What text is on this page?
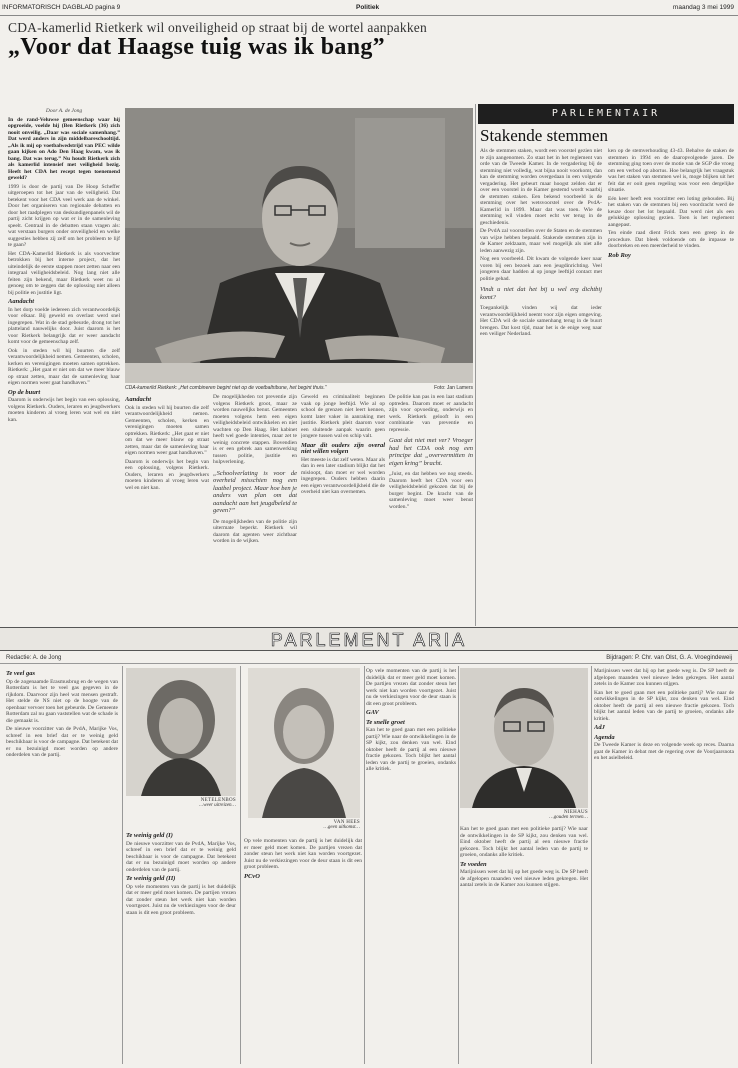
INFORMATORISCH DAGBLAD pagina 9	Politiek	maandag 3 mei 1999
CDA-kamerlid Rietkerk wil onveiligheid op straat bij de wortel aanpakken
„Voor dat Haagse tuig was ik bang”
Door A. de Jong

In de rand-Veluwse gemeenschap waar hij opgroeide, voelde hij (Ben Rietkerk (36) zich nooit onveilig. „Daar was sociale samenhang.” Dat werd anders in zijn middelbareschooltijd. „Als ik mij op voetbalwedstrijd van PEC wilde gaan kijken on Ado Den Haag kwam, was ik bang. Dat was terug.” Nu houdt Rietkerk zich als kamerlid intensief met veiligheid bezig. Heeft het CDA het recept tegen toenemend geweld?

1999 is door de partij van De Hoop Scheffer uitgeroepen tot het jaar van de veiligheid. Dat betekent voor het CDA veel werk aan de winkel. Door het organiseren van regionale debatten en door het raadplegen van deskundigenpanels wil de partij zicht krijgen op wat er in de samenleving speelt. Centraal in de debatten staan vragen als: wat verstaan burgers onder onveiligheid en welke suggesties hebben zij zelf om het probleem te lijf te gaan?

Het CDA-Kamerlid Rietkerk is als voorvechter betrokken bij het interne project, dat het uiteindelijk de eerste stappen moet zetten naar een integraal veiligheidsbeleid. Nog lang niet alle feiten zijn bekend, maar Rietkerk weet nu al genoeg om te zeggen dat de oplossing niet alleen bij politie en justitie ligt.

Aandacht

In het dorp voelde iedereen zich verantwoordelijk voor elkaar. Bij geweld en overlast werd snel ingegrepen. Wat in de stad gebeurde, drong tot het platteland nauwelijks door. Juist daarom is het voor Rietkerk belangrijk dat er weer aandacht komt voor de gemeenschap zelf.

Ook in steden wil hij buurten die zelf verantwoordelijkheid nemen. Gemeenten, scholen, kerken en verenigingen moeten samen optrekken. Rietkerk: „Het gaat er niet om dat we meer blauw op straat zetten, maar dat de samenleving haar eigen normen weer gaat handhaven.”

Op de buurt

Daarom is onderwijs het begin van een oplossing, volgens Rietkerk. Ouders, leraren en jeugdwerkers moeten kinderen al vroeg leren wat wel en niet kan.

CDA-kamerlid Rietkerk: „Het combineren begint niet op de voetbaltribune, het begint thuis.”	Foto: Jan Lamers
Aandacht

Ook in steden wil hij buurten die zelf verantwoordelijkheid nemen. Gemeenten, scholen, kerken en verenigingen moeten samen optrekken. Rietkerk: „Het gaat er niet om dat we meer blauw op straat zetten, maar dat de samenleving haar eigen normen weer gaat handhaven.”

Daarom is onderwijs het begin van een oplossing, volgens Rietkerk. Ouders, leraren en jeugdwerkers moeten kinderen al vroeg leren wat wel en niet kan.

De mogelijkheden tot preventie zijn volgens Rietkerk groot, maar ze worden nauwelijks benut. Gemeenten moeten volgens hem een eigen veiligheidsbeleid ontwikkelen en niet wachten op Den Haag. Het kabinet heeft wel goede intenties, maar zet te weinig concrete stappen. Bovendien is er een gebrek aan samenwerking tussen politie, justitie en hulpverlening.

„Schoolverlating is voor de overheid misschien nog een laatbel project. Maar hoe ben je anders van plan om dat aandacht aan het jeugdbeleid te geven?”

De mogelijkheden van de politie zijn uitermate beperkt. Rietkerk wil daarom dat agenten weer zichtbaar worden in de wijken.

Geweld en criminaliteit beginnen vaak op jonge leeftijd. Wie al op school de grenzen niet leert kennen, komt later vaker in aanraking met justitie. Rietkerk pleit daarom voor een sluitende aanpak waarin geen jongere tussen wal en schip valt.

Maar dit ouders zijn overal niet willen volgen

Het meeste is dat zelf weten. Maar als dan in een later stadium blijkt dat het misloopt, dan moet er wel worden ingegrepen. Ouders hebben daarin een eigen verantwoordelijkheid die de overheid niet kan overnemen.

De politie kan pas in een laat stadium optreden. Daarom moet er aandacht zijn voor opvoeding, onderwijs en werk. Rietkerk gelooft in een combinatie van preventie en repressie.

Gaat dat niet met ver? Vroeger had het CDA ook nog een principe dat „oververmitten in eigen kring” bracht.

„Juist, en dat hebben we nog steeds. Daarom heeft het CDA voor een veiligheidsbeleid gekozen dat bij de burger begint. De kracht van de samenleving moet weer benut worden.”

PARLEMENTAIR
Stakende stemmen

Als de stemmen staken, wordt een voorstel gezien niet te zijn aangenomen. Zo staat het in het reglement van orde van de Tweede Kamer. In de vergadering bij de stemming niet volledig, wat bijna nooit voorkomt, dan kan de stemming worden overgedaan in een volgende vergadering. Het gebeurt maar hoogst zelden dat er over een voorstel in de Kamer gestemd wordt waarbij de stemmen staken. Een bekend voorbeeld is de stemming over het wetsvoorstel over de PvdA-Kamerlid in 1899. Maar dat was toen. Wie de stemming wil vinden moet echt ver terug in de geschiedenis.

De PvdA zal voorstellen over de Staten en de stemmen van wijze hebben bepaald. Stakende stemmen zijn in de Kamer zeldzaam, maar wel mogelijk als niet alle leden aanwezig zijn.

Nog een voorbeeld. Dit kwam de volgende keer naar voren bij een bezoek aan een jeugdinrichting. Veel jongeren daar hadden al op jonge leeftijd contact met politie gehad.

Vindt u niet dat het bij u wel erg dichtbij komt?

Toegankelijk vinden wij dat ieder verantwoordelijkheid neemt voor zijn eigen omgeving. Het CDA wil de sociale samenhang terug in de buurt brengen. Dat kost tijd, maar het is de enige weg naar een veiliger Nederland.

ken op de stemverhouding 43-43. Behalve de staken de stemmen in 1994 en de daaropvolgende jaren. De stemming ging toen over de motie van de SGP die vroeg om een verbod op abortus. Hoe belangrijk het vraagstuk was het staken van stemmen wel is, moge blijken uit het feit dat er ooit geen regeling was voor een dergelijke situatie.

Eén keer heeft een voorzitter een loting gehouden. Bij het staken van de stemmen bij een voordracht werd de keuze door het lot bepaald. Dat werd niet als een gelukkige oplossing gezien. Toen is het reglement aangepast.

Ten einde raad dient Frick toen een greep in de procedure. Dat bleek voldoende om de impasse te doorbreken en een meerderheid te vinden.

Rob Roy
PARLEMENT ARIA
Redactie: A. de Jong	Bijdragen: P. Chr. van Olst, G. A. Vroegindeweij
Te veel gas

Op de zogenaamde Erasmusbrug en de wegen van Rotterdam is het te veel gas gegeven in de rijkdom. Daarvoor zijn heel wat mensen gestraft. Het stelde de NS niet op de hoogte van de openbaar vervoer toen het gebeurde. De Gemeente Rotterdam zal nu gaan vaststellen wat de schade is die gemaakt is.

De nieuwe voorzitter van de PvdA, Marijke Vos, schreef in een brief dat er te weinig geld beschikbaar is voor de campagne. Dat betekent dat er nu bezuinigd moet worden op andere onderdelen van de partij.

NETELENBOS
…weer uitreizen…
VAN HEES
…geen uitkomst…
NIEHAUS
…gouden termen…
Te weinig geld (I)

De nieuwe voorzitter van de PvdA, Marijke Vos, schreef in een brief dat er te weinig geld beschikbaar is voor de campagne. Dat betekent dat er nu bezuinigd moet worden op andere onderdelen van de partij.

Te weinig geld (II)

Op vele momenten van de partij is het duidelijk dat er meer geld moet komen. De partijen vrezen dat zonder steun het werk niet kan worden voortgezet. Juist nu de verkiezingen voor de deur staan is dit een groot probleem.

Op vele momenten van de partij is het duidelijk dat er meer geld moet komen. De partijen vrezen dat zonder steun het werk niet kan worden voortgezet. Juist nu de verkiezingen voor de deur staan is dit een groot probleem.

PCvO

Op vele momenten van de partij is het duidelijk dat er meer geld moet komen. De partijen vrezen dat zonder steun het werk niet kan worden voortgezet. Juist nu de verkiezingen voor de deur staan is dit een groot probleem.

GAV
Te snelle groet

Kan het te goed gaan met een politieke partij? Wie naar de ontwikkelingen in de SP kijkt, zou denken van wel. Eind oktober heeft de partij al een nieuwe fractie gekozen. Toch blijkt het aantal leden van de partij te groeien, ondanks alle kritiek.

Kan het te goed gaan met een politieke partij? Wie naar de ontwikkelingen in de SP kijkt, zou denken van wel. Eind oktober heeft de partij al een nieuwe fractie gekozen. Toch blijkt het aantal leden van de partij te groeien, ondanks alle kritiek.

Te voeden

Marijnissen weet dat hij op het goede weg is. De SP heeft de afgelopen maanden veel nieuwe leden gekregen. Het aantal zetels in de Kamer zou kunnen stijgen.

Marijnissen weet dat hij op het goede weg is. De SP heeft de afgelopen maanden veel nieuwe leden gekregen. Het aantal zetels in de Kamer zou kunnen stijgen.

Kan het te goed gaan met een politieke partij? Wie naar de ontwikkelingen in de SP kijkt, zou denken van wel. Eind oktober heeft de partij al een nieuwe fractie gekozen. Toch blijkt het aantal leden van de partij te groeien, ondanks alle kritiek.

AdJ
Agenda

De Tweede Kamer is deze en volgende week op reces. Daarna gaat de Kamer in debat met de regering over de Voorjaarsnota en het asielbeleid.
